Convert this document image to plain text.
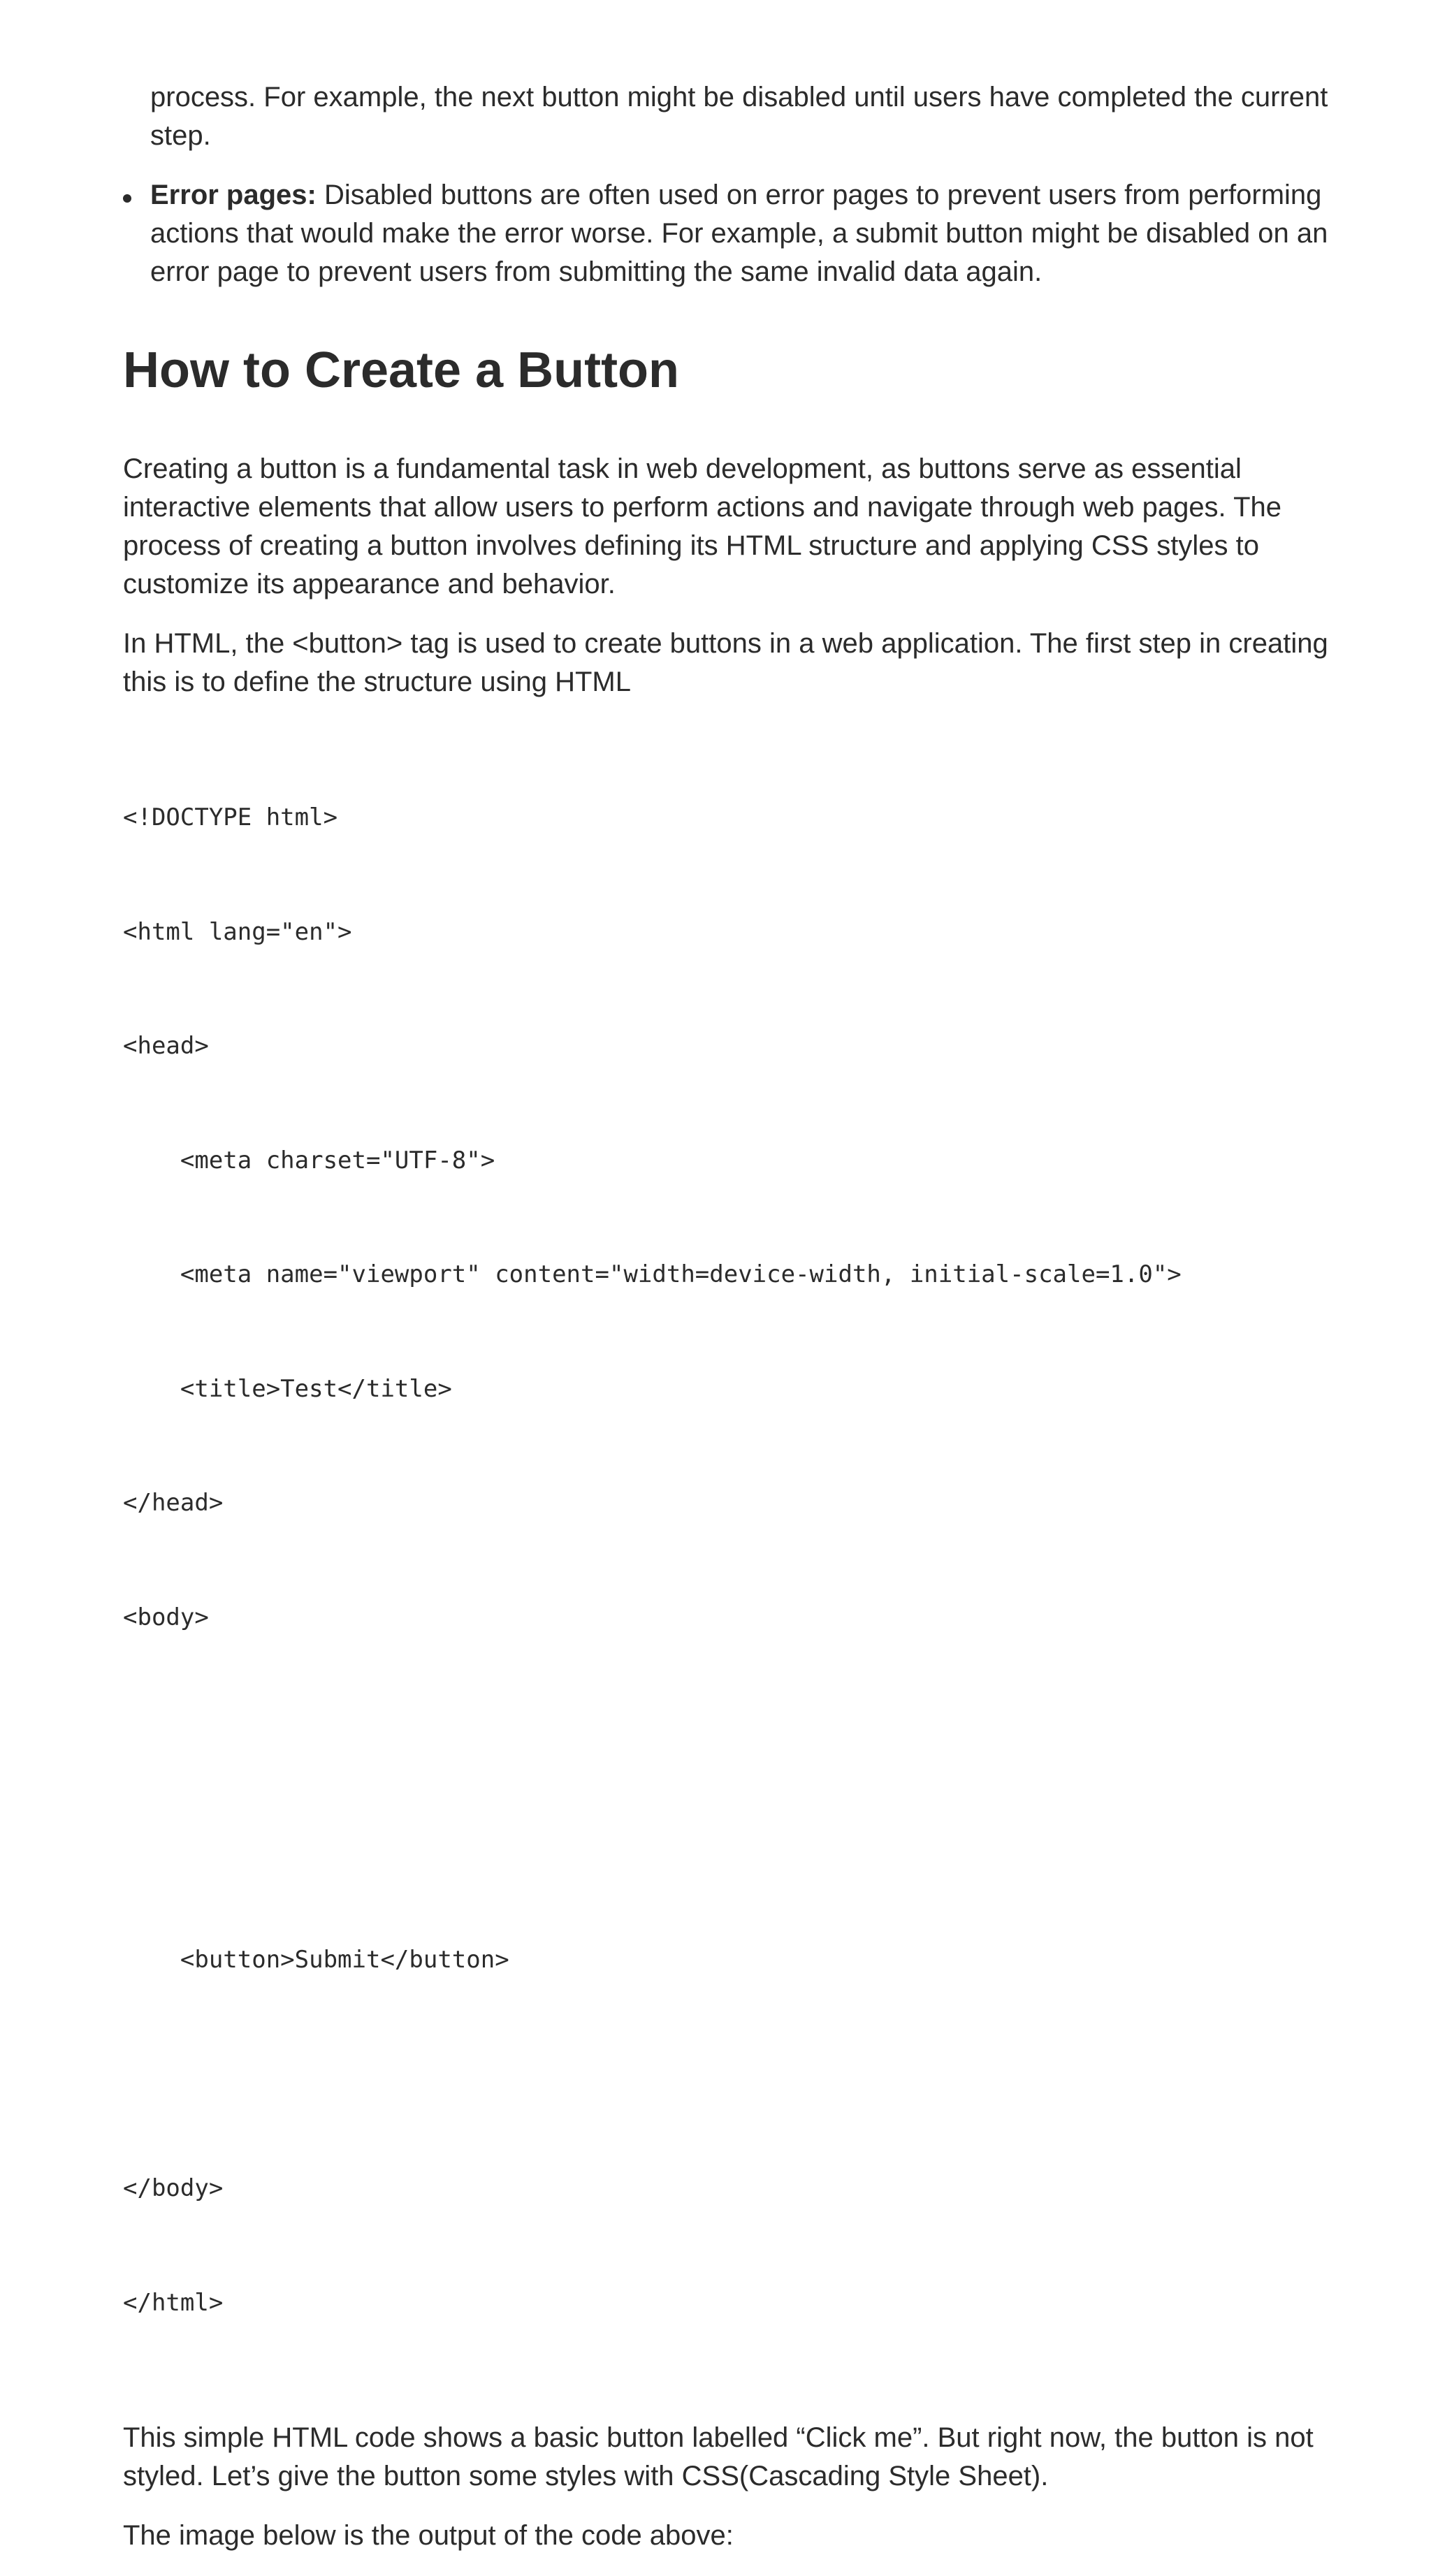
process. For example, the next button might be disabled until users have completed the current step.
Error pages: Disabled buttons are often used on error pages to prevent users from performing actions that would make the error worse. For example, a submit button might be disabled on an error page to prevent users from submitting the same invalid data again.
How to Create a Button

Creating a button is a fundamental task in web development, as buttons serve as essential interactive elements that allow users to perform actions and navigate through web pages. The process of creating a button involves defining its HTML structure and applying CSS styles to customize its appearance and behavior.

In HTML, the <button> tag is used to create buttons in a web application. The first step in creating this is to define the structure using HTML

<!DOCTYPE html>

<html lang="en">

<head>

<meta charset="UTF-8">

<meta name="viewport" content="width=device-width, initial-scale=1.0">

<title>Test</title>

</head>

<body>

<button>Submit</button>

</body>

</html>

This simple HTML code shows a basic button labelled “Click me”. But right now, the button is not styled. Let’s give the button some styles with CSS(Cascading Style Sheet).

The image below is the output of the code above:
